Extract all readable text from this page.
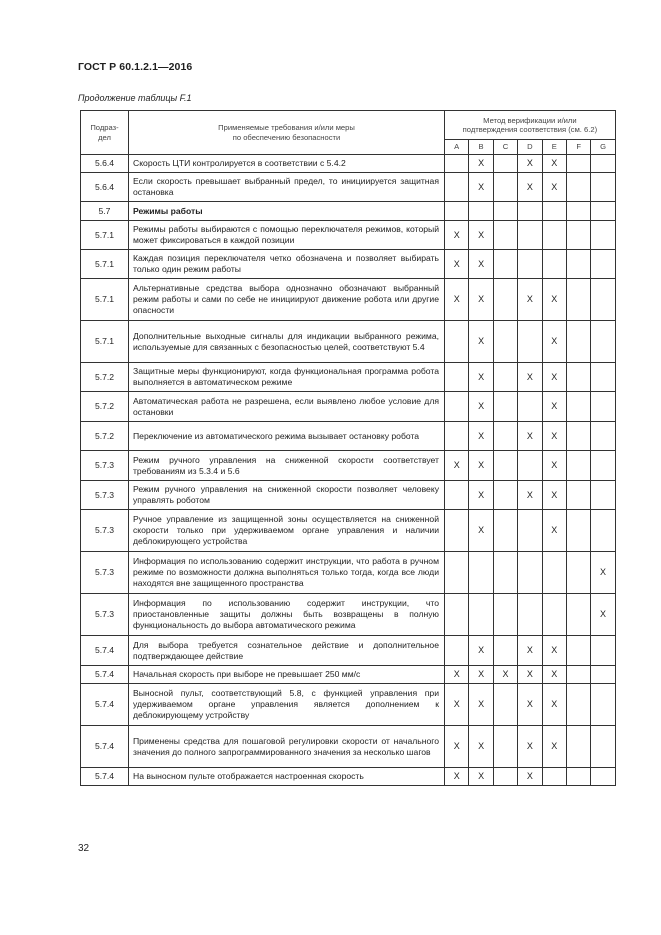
ГОСТ Р 60.1.2.1—2016
Продолжение таблицы F.1
Подраз-
дел	Применяемые требования и/или меры
по обеспечению безопасности	Метод верификации и/или
подтверждения соответствия (см. 6.2)						
		A	B	C	D	E	F	G
5.6.4	Скорость ЦТИ контролируется в соответствии с 5.4.2		X		X	X		
5.6.4	Если скорость превышает выбранный предел, то инициируется защитная остановка		X		X	X		
5.7	Режимы работы							
5.7.1	Режимы работы выбираются с помощью переключателя режимов, который может фиксироваться в каждой позиции	X	X					
5.7.1	Каждая позиция переключателя четко обозначена и позволяет выбирать только один режим работы	X	X					
5.7.1	Альтернативные средства выбора однозначно обозначают выбранный режим работы и сами по себе не инициируют движение робота или другие опасности	X	X		X	X		
5.7.1	Дополнительные выходные сигналы для индикации выбранного режима, используемые для связанных с безопасностью целей, соответствуют 5.4		X			X		
5.7.2	Защитные меры функционируют, когда функциональная программа робота выполняется в автоматическом режиме		X		X	X		
5.7.2	Автоматическая работа не разрешена, если выявлено любое условие для остановки		X			X		
5.7.2	Переключение из автоматического режима вызывает остановку робота		X		X	X		
5.7.3	Режим ручного управления на сниженной скорости соответствует требованиям из 5.3.4 и 5.6	X	X			X		
5.7.3	Режим ручного управления на сниженной скорости позволяет человеку управлять роботом		X		X	X		
5.7.3	Ручное управление из защищенной зоны осуществляется на сниженной скорости только при удерживаемом органе управления и наличии деблокирующего устройства		X			X		
5.7.3	Информация по использованию содержит инструкции, что работа в ручном режиме по возможности должна выполняться только тогда, когда все люди находятся вне защищенного пространства							X
5.7.3	Информация по использованию содержит инструкции, что приостановленные защиты должны быть возвращены в полную функциональность до выбора автоматического режима							X
5.7.4	Для выбора требуется сознательное действие и дополнительное подтверждающее действие		X		X	X		
5.7.4	Начальная скорость при выборе не превышает 250 мм/с	X	X	X	X	X		
5.7.4	Выносной пульт, соответствующий 5.8, с функцией управления при удерживаемом органе управления является дополнением к деблокирующему устройству	X	X		X	X		
5.7.4	Применены средства для пошаговой регулировки скорости от начального значения до полного запрограммированного значения за несколько шагов	X	X		X	X		
5.7.4	На выносном пульте отображается настроенная скорость	X	X		X			
32
